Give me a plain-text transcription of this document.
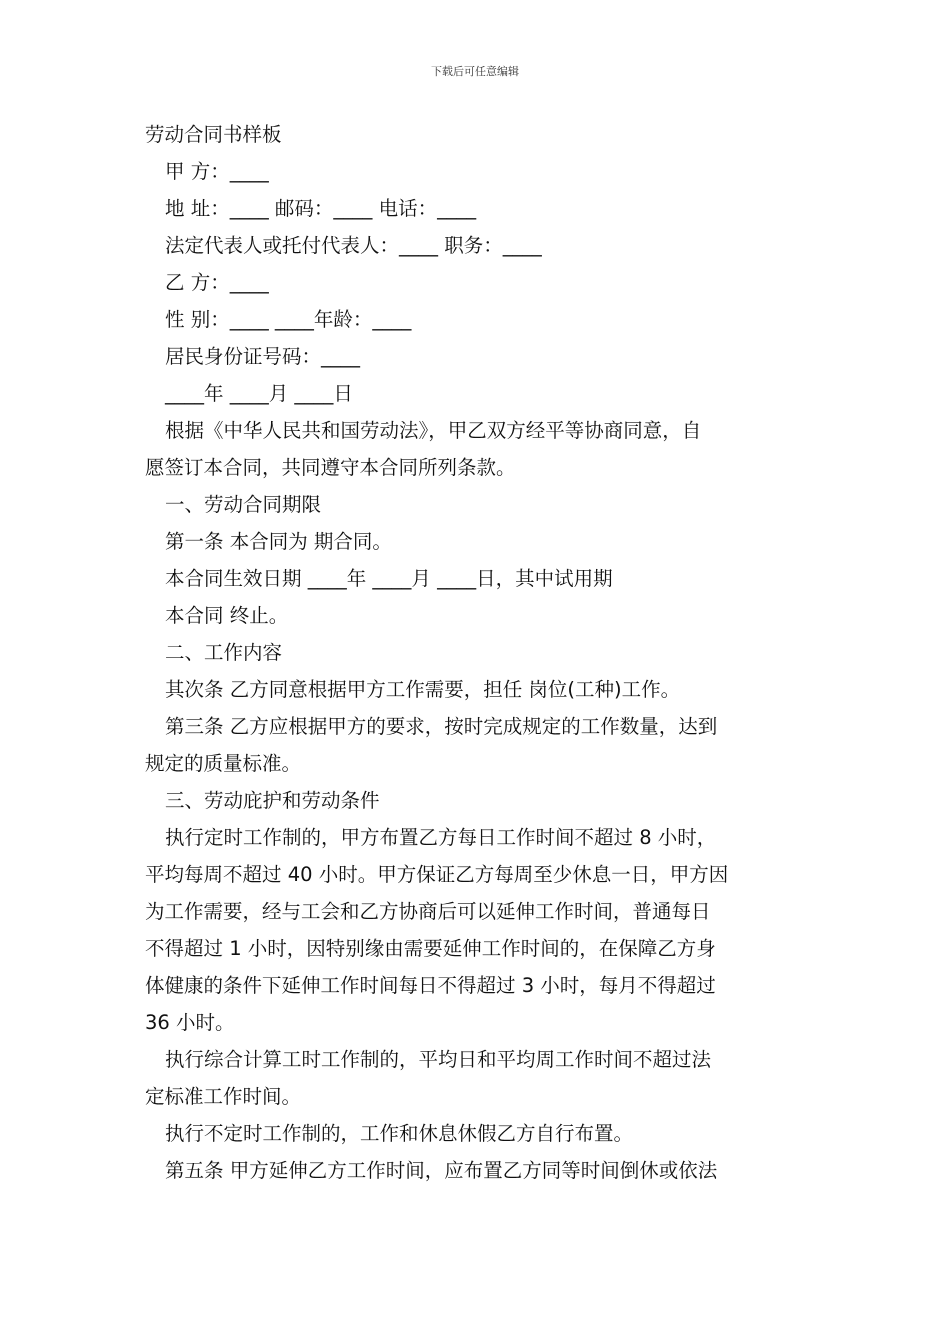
下载后可任意编辑
劳动合同书样板
甲 方：____
地 址：____ 邮码：____ 电话：____
法定代表人或托付代表人：____ 职务：____
乙 方：____
性 别：____ ____年龄：____
居民身份证号码：____
____年 ____月 ____日
根据《中华人民共和国劳动法》，甲乙双方经平等协商同意，自
愿签订本合同，共同遵守本合同所列条款。
一、劳动合同期限
第一条 本合同为 期合同。
本合同生效日期 ____年 ____月 ____日，其中试用期
本合同 终止。
二、工作内容
其次条 乙方同意根据甲方工作需要，担任 岗位(工种)工作。
第三条 乙方应根据甲方的要求，按时完成规定的工作数量，达到
规定的质量标准。
三、劳动庇护和劳动条件
执行定时工作制的，甲方布置乙方每日工作时间不超过 8 小时，
平均每周不超过 40 小时。甲方保证乙方每周至少休息一日，甲方因
为工作需要，经与工会和乙方协商后可以延伸工作时间，普通每日
不得超过 1 小时，因特别缘由需要延伸工作时间的，在保障乙方身
体健康的条件下延伸工作时间每日不得超过 3 小时，每月不得超过
36 小时。
执行综合计算工时工作制的，平均日和平均周工作时间不超过法
定标准工作时间。
执行不定时工作制的，工作和休息休假乙方自行布置。
第五条 甲方延伸乙方工作时间，应布置乙方同等时间倒休或依法
